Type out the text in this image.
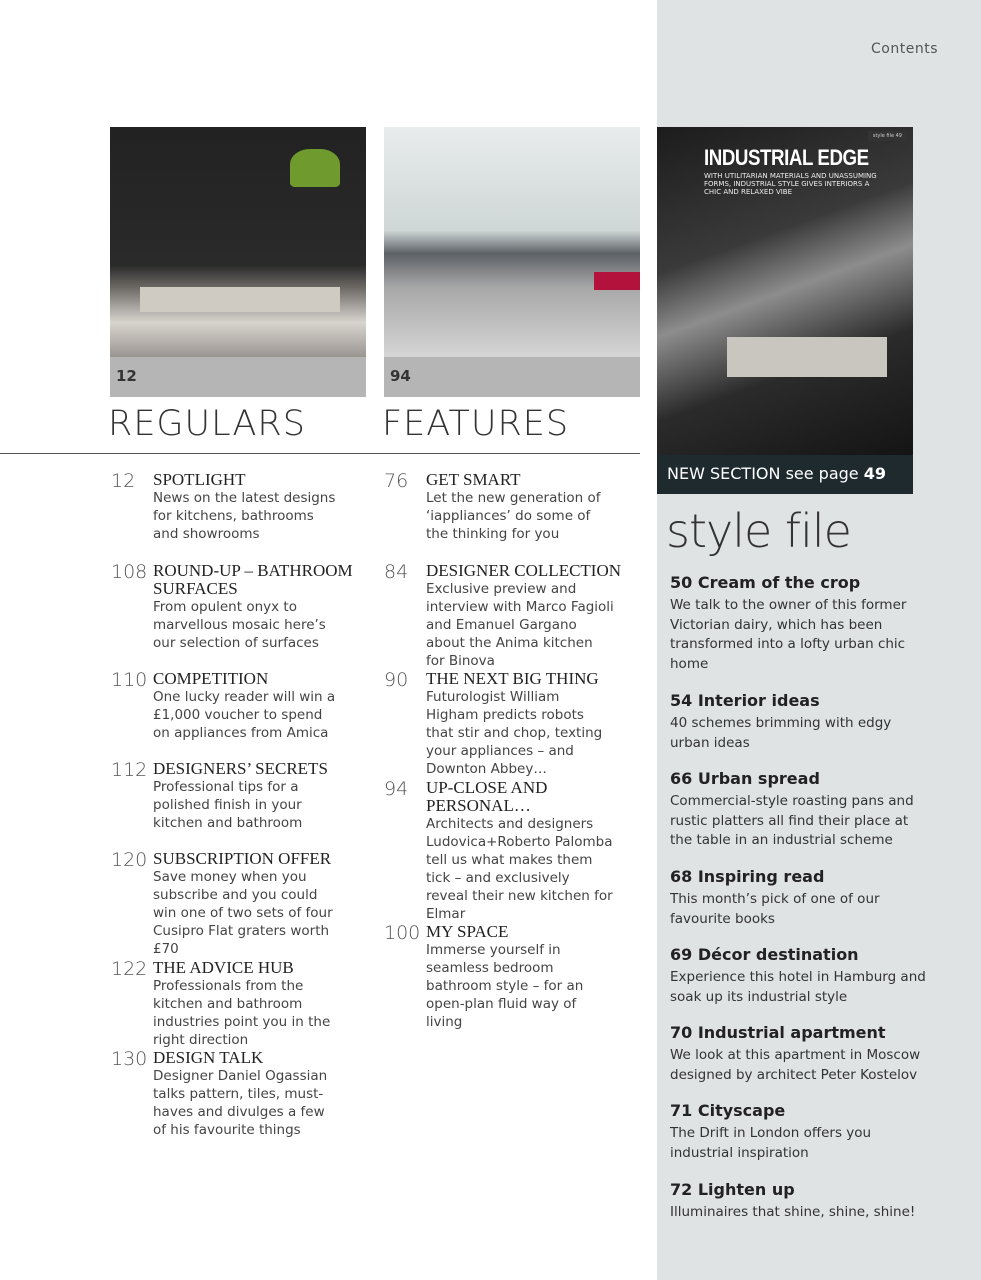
Contents
12	94
REGULARS FEATURES
12 SPOTLIGHT
News on the latest designs for kitchens, bathrooms and showrooms
108 ROUND-UP – BATHROOM SURFACES
From opulent onyx to marvellous mosaic here’s our selection of surfaces
110 COMPETITION
One lucky reader will win a £1,000 voucher to spend on appliances from Amica
112 DESIGNERS’ SECRETS
Professional tips for a polished finish in your kitchen and bathroom
120 SUBSCRIPTION OFFER
Save money when you subscribe and you could win one of two sets of four Cusipro Flat graters worth £70
122 THE ADVICE HUB
Professionals from the kitchen and bathroom industries point you in the right direction
130 DESIGN TALK
Designer Daniel Ogassian talks pattern, tiles, must-haves and divulges a few of his favourite things
76 GET SMART
Let the new generation of ‘iappliances’ do some of the thinking for you
84 DESIGNER COLLECTION
Exclusive preview and interview with Marco Fagioli and Emanuel Gargano about the Anima kitchen for Binova
90 THE NEXT BIG THING
Futurologist William Higham predicts robots that stir and chop, texting your appliances – and Downton Abbey…
94 UP-CLOSE AND PERSONAL…
Architects and designers Ludovica+Roberto Palomba tell us what makes them tick – and exclusively reveal their new kitchen for Elmar
100 MY SPACE
Immerse yourself in seamless bedroom bathroom style – for an open-plan fluid way of living
style file 49
INDUSTRIAL EDGE
WITH UTILITARIAN MATERIALS AND UNASSUMING FORMS, INDUSTRIAL STYLE GIVES INTERIORS A CHIC AND RELAXED VIBE
NEW SECTION see page 49
style file
50 Cream of the crop
We talk to the owner of this former Victorian dairy, which has been transformed into a lofty urban chic home
54 Interior ideas
40 schemes brimming with edgy urban ideas
66 Urban spread
Commercial-style roasting pans and rustic platters all find their place at the table in an industrial scheme
68 Inspiring read
This month’s pick of one of our favourite books
69 Décor destination
Experience this hotel in Hamburg and soak up its industrial style
70 Industrial apartment
We look at this apartment in Moscow designed by architect Peter Kostelov
71 Cityscape
The Drift in London offers you industrial inspiration
72 Lighten up
Illuminaires that shine, shine, shine!
